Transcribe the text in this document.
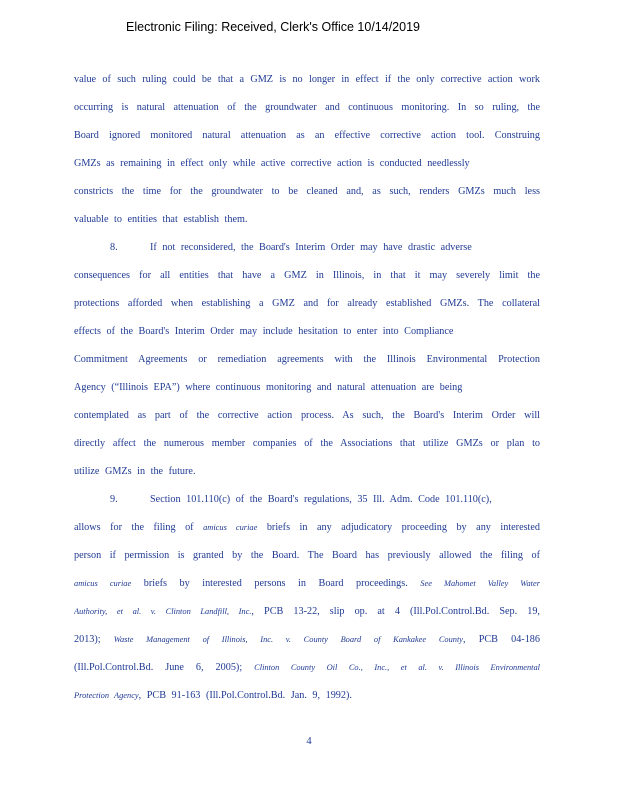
Electronic Filing: Received, Clerk's Office 10/14/2019
value of such ruling could be that a GMZ is no longer in effect if the only corrective action work
occurring is natural attenuation of the groundwater and continuous monitoring. In so ruling, the
Board ignored monitored natural attenuation as an effective corrective action tool. Construing
GMZs as remaining in effect only while active corrective action is conducted needlessly
constricts the time for the groundwater to be cleaned and, as such, renders GMZs much less
valuable to entities that establish them.
8.	If not reconsidered, the Board's Interim Order may have drastic adverse
consequences for all entities that have a GMZ in Illinois, in that it may severely limit the
protections afforded when establishing a GMZ and for already established GMZs. The collateral
effects of the Board's Interim Order may include hesitation to enter into Compliance
Commitment Agreements or remediation agreements with the Illinois Environmental Protection
Agency (“Illinois EPA”) where continuous monitoring and natural attenuation are being
contemplated as part of the corrective action process. As such, the Board's Interim Order will
directly affect the numerous member companies of the Associations that utilize GMZs or plan to
utilize GMZs in the future.
9.	Section 101.110(c) of the Board's regulations, 35 Ill. Adm. Code 101.110(c),
allows for the filing of amicus curiae briefs in any adjudicatory proceeding by any interested
person if permission is granted by the Board. The Board has previously allowed the filing of
amicus curiae briefs by interested persons in Board proceedings. See Mahomet Valley Water
Authority, et al. v. Clinton Landfill, Inc., PCB 13-22, slip op. at 4 (Ill.Pol.Control.Bd. Sep. 19,
2013); Waste Management of Illinois, Inc. v. County Board of Kankakee County, PCB 04-186
(Ill.Pol.Control.Bd. June 6, 2005); Clinton County Oil Co., Inc., et al. v. Illinois Environmental
Protection Agency, PCB 91-163 (Ill.Pol.Control.Bd. Jan. 9, 1992).
4
